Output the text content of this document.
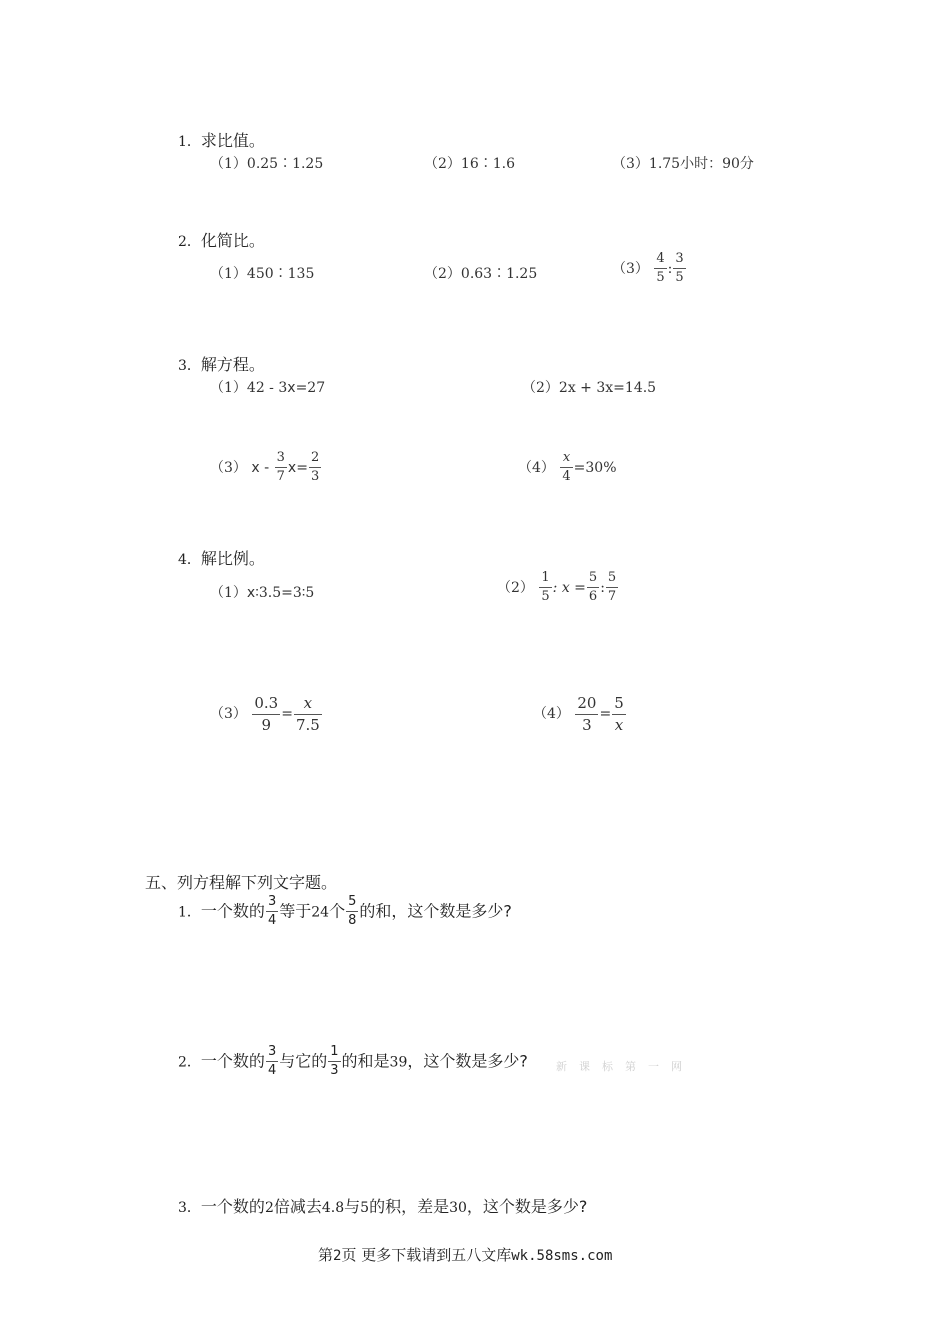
1．求比值。
（1）0.25∶1.25	（2）16∶1.6	（3）1.75小时：90分
2．化简比。
（1）450∶135	（2）0.63∶1.25	$(3) \frac{4}{5}$ : $\frac{3}{5}$
3．解方程。
（1）42 - 3x=27	（2）2x + 3x=14.5
（3） $x - \frac{3}{7} x= \frac{2}{3}$	$(4) \frac{x}{4} =30\%$
4．解比例。
（1）x∶3.5=3∶5	$(2) \frac{1}{5}$ : $x = \frac{5}{6}$ : $\frac{5}{7}$
$(3) \frac{0.3}{9} = \frac{x}{7.5}$	$(4) \frac{20}{3} = \frac{5}{x}$
五、列方程解下列文字题。
1．一个数的 $\frac{3}{4}$ 等于24个 $\frac{5}{8}$ 的和，这个数是多少?
2．一个数的 $\frac{3}{4}$ 与它的 $\frac{1}{3}$ 的和是39，这个数是多少?	新课标第一网
3．一个数的2倍减去4.8与5的积，差是30，这个数是多少?
第2页 更多下载请到五八文库wk.58sms.com
